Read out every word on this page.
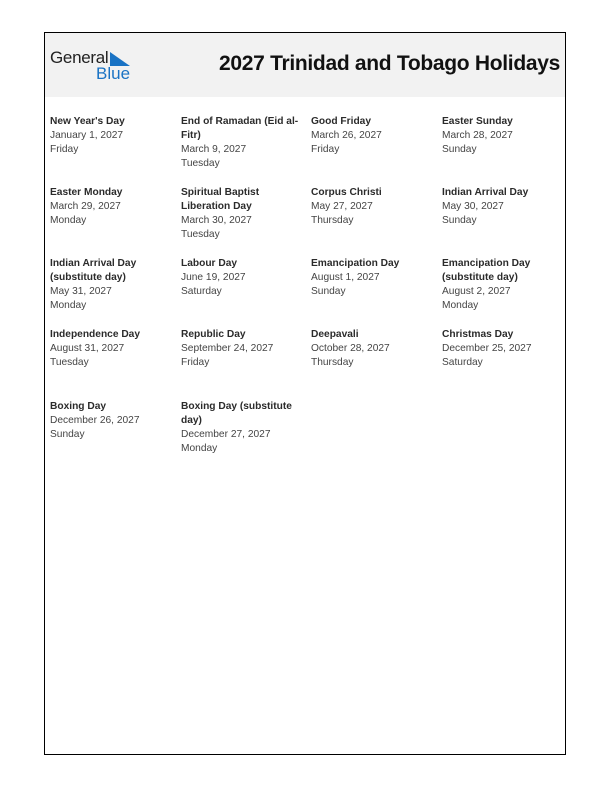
General
Blue	2027 Trinidad and Tobago Holidays
New Year's Day
January 1, 2027
Friday
End of Ramadan (Eid al-Fitr)
March 9, 2027
Tuesday
Good Friday
March 26, 2027
Friday
Easter Sunday
March 28, 2027
Sunday
Easter Monday
March 29, 2027
Monday
Spiritual Baptist Liberation Day
March 30, 2027
Tuesday
Corpus Christi
May 27, 2027
Thursday
Indian Arrival Day
May 30, 2027
Sunday
Indian Arrival Day (substitute day)
May 31, 2027
Monday
Labour Day
June 19, 2027
Saturday
Emancipation Day
August 1, 2027
Sunday
Emancipation Day (substitute day)
August 2, 2027
Monday
Independence Day
August 31, 2027
Tuesday
Republic Day
September 24, 2027
Friday
Deepavali
October 28, 2027
Thursday
Christmas Day
December 25, 2027
Saturday
Boxing Day
December 26, 2027
Sunday
Boxing Day (substitute day)
December 27, 2027
Monday
